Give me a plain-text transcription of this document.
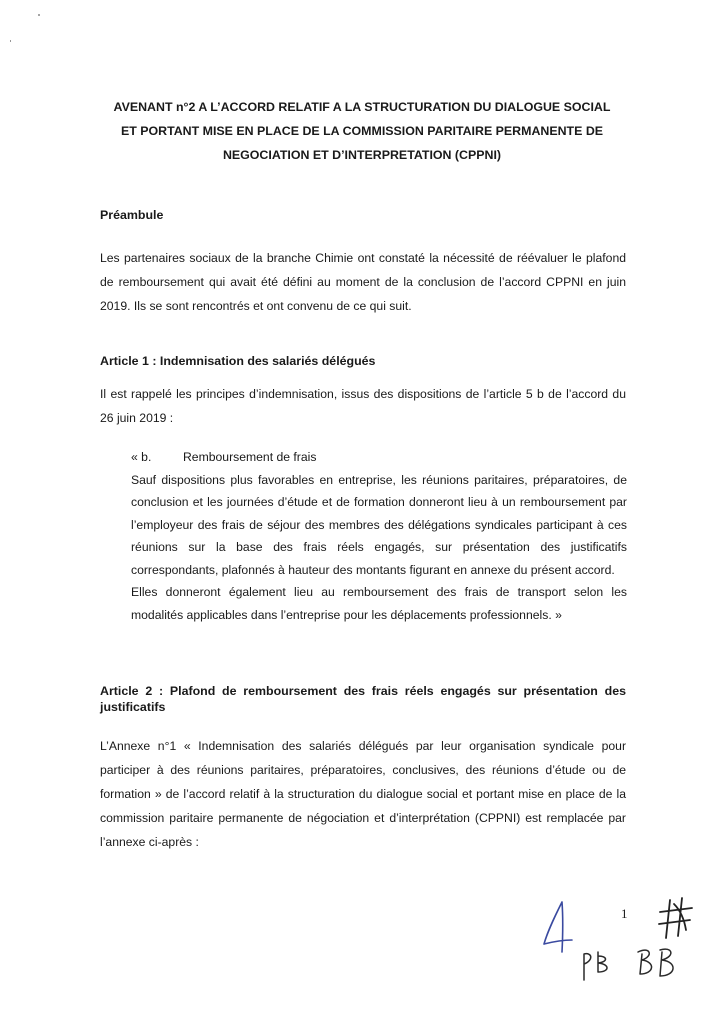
AVENANT n°2 A L’ACCORD RELATIF A LA STRUCTURATION DU DIALOGUE SOCIAL
ET PORTANT MISE EN PLACE DE LA COMMISSION PARITAIRE PERMANENTE DE
NEGOCIATION ET D’INTERPRETATION (CPPNI)
Préambule
Les partenaires sociaux de la branche Chimie ont constaté la nécessité de réévaluer le plafond de remboursement qui avait été défini au moment de la conclusion de l’accord CPPNI en juin 2019. Ils se sont rencontrés et ont convenu de ce qui suit.
Article 1 : Indemnisation des salariés délégués
Il est rappelé les principes d’indemnisation, issus des dispositions de l’article 5 b de l’accord du 26 juin 2019 :
« b.	Remboursement de frais
Sauf dispositions plus favorables en entreprise, les réunions paritaires, préparatoires, de conclusion et les journées d’étude et de formation donneront lieu à un remboursement par l’employeur des frais de séjour des membres des délégations syndicales participant à ces réunions sur la base des frais réels engagés, sur présentation des justificatifs correspondants, plafonnés à hauteur des montants figurant en annexe du présent accord.
Elles donneront également lieu au remboursement des frais de transport selon les modalités applicables dans l’entreprise pour les déplacements professionnels. »
Article 2 : Plafond de remboursement des frais réels engagés sur présentation des justificatifs
L’Annexe n°1 « Indemnisation des salariés délégués par leur organisation syndicale pour participer à des réunions paritaires, préparatoires, conclusives, des réunions d’étude ou de formation » de l’accord relatif à la structuration du dialogue social et portant mise en place de la commission paritaire permanente de négociation et d’interprétation (CPPNI) est remplacée par l’annexe ci-après :
1
